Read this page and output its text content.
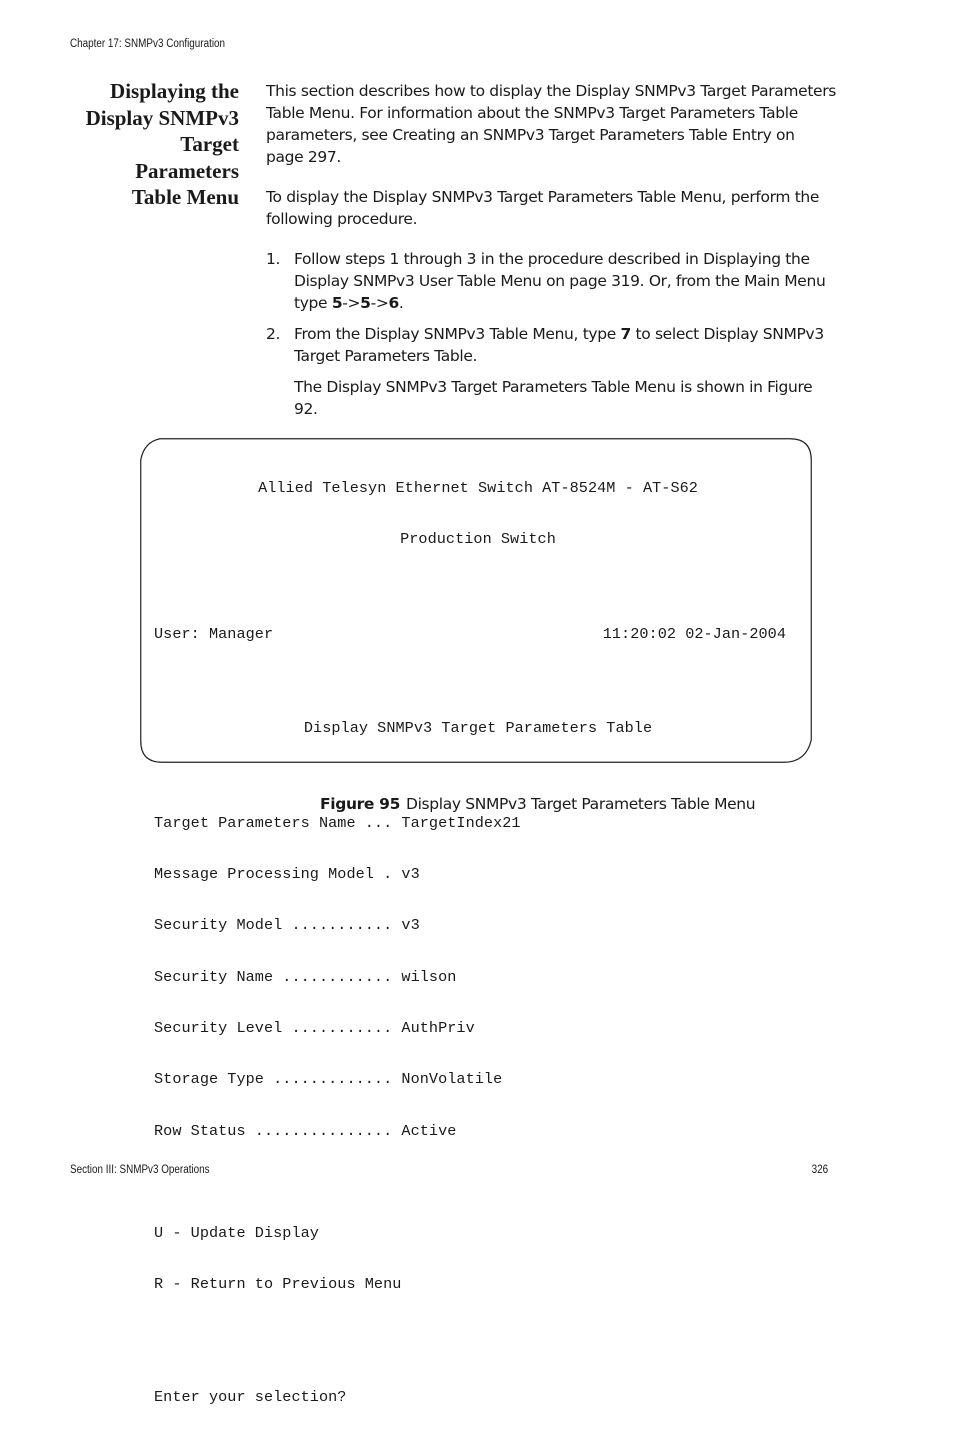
Chapter 17: SNMPv3 Configuration
Displaying the
Display SNMPv3
Target
Parameters
Table Menu

This section describes how to display the Display SNMPv3 Target Parameters Table Menu. For information about the SNMPv3 Target Parameters Table parameters, see Creating an SNMPv3 Target Parameters Table Entry on page 297.

To display the Display SNMPv3 Target Parameters Table Menu, perform the following procedure.

1. Follow steps 1 through 3 in the procedure described in Displaying the Display SNMPv3 User Table Menu on page 319. Or, from the Main Menu type 5->5->6.
2. From the Display SNMPv3 Table Menu, type 7 to select Display SNMPv3 Target Parameters Table.

The Display SNMPv3 Target Parameters Table Menu is shown in Figure 92.

Allied Telesyn Ethernet Switch AT-8524M - AT-S62

Production Switch

User: Manager	11:20:02 02-Jan-2004

Display SNMPv3 Target Parameters Table

Target Parameters Name ... TargetIndex21

Message Processing Model . v3

Security Model ........... v3

Security Name ............ wilson

Security Level ........... AuthPriv

Storage Type ............. NonVolatile

Row Status ............... Active

U - Update Display

R - Return to Previous Menu

Enter your selection?

Figure 95 Display SNMPv3 Target Parameters Table Menu
Section III: SNMPv3 Operations	326
